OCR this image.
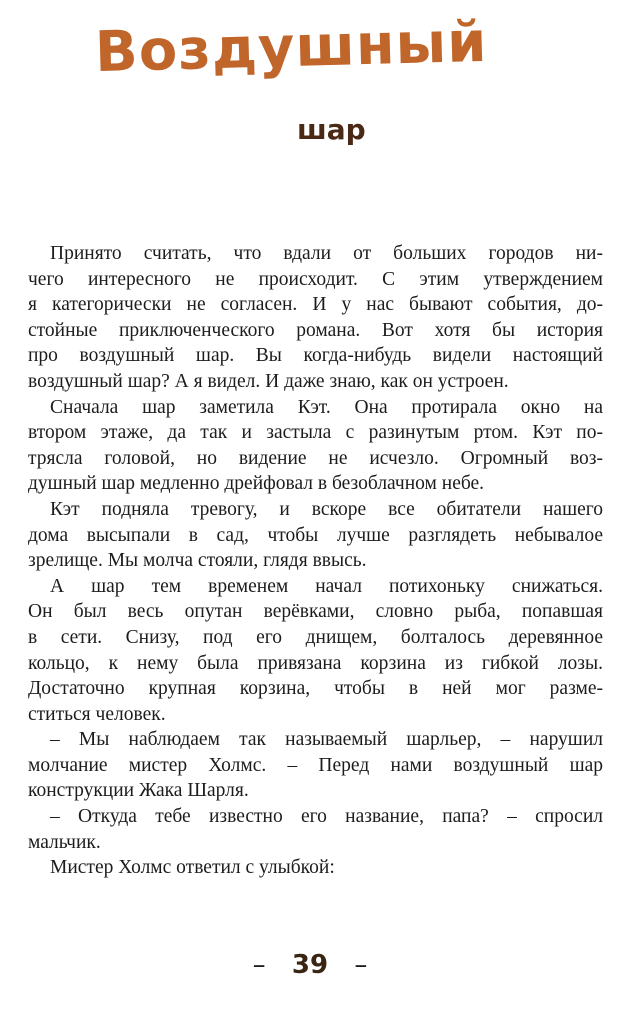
Воздушный
шар
Принято считать, что вдали от больших городов ни-
чего интересного не происходит. С этим утверждением
я категорически не согласен. И у нас бывают события, до-
стойные приключенческого романа. Вот хотя бы история
про воздушный шар. Вы когда-нибудь видели настоящий
воздушный шар? А я видел. И даже знаю, как он устроен.
Сначала шар заметила Кэт. Она протирала окно на
втором этаже, да так и застыла с разинутым ртом. Кэт по-
трясла головой, но видение не исчезло. Огромный воз-
душный шар медленно дрейфовал в безоблачном небе.
Кэт подняла тревогу, и вскоре все обитатели нашего
дома высыпали в сад, чтобы лучше разглядеть небывалое
зрелище. Мы молча стояли, глядя ввысь.
А шар тем временем начал потихоньку снижаться.
Он был весь опутан верёвками, словно рыба, попавшая
в сети. Снизу, под его днищем, болталось деревянное
кольцо, к нему была привязана корзина из гибкой лозы.
Достаточно крупная корзина, чтобы в ней мог разме-
ститься человек.
– Мы наблюдаем так называемый шарльер, – нарушил
молчание мистер Холмс. – Перед нами воздушный шар
конструкции Жака Шарля.
– Откуда тебе известно его название, папа? – спросил
мальчик.
Мистер Холмс ответил с улыбкой:
– 39 –
